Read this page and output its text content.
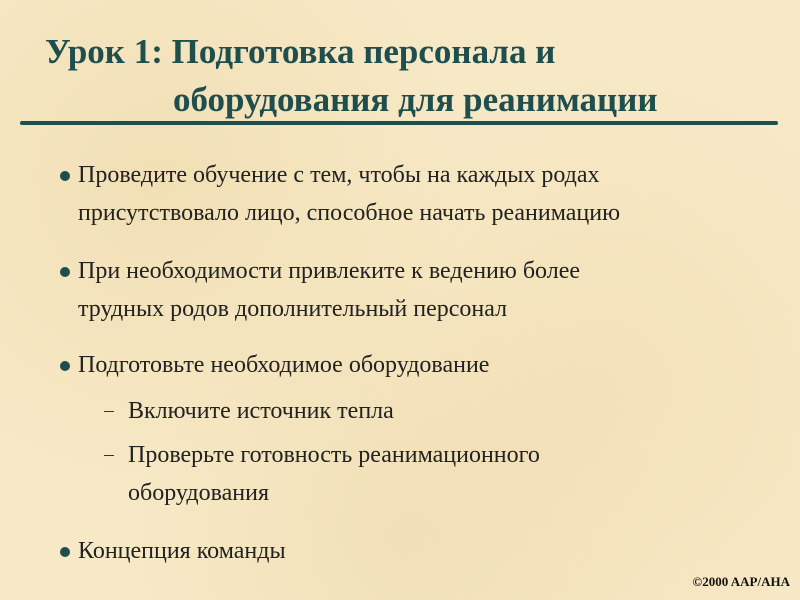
Урок 1: Подготовка персонала и
оборудования для реанимации
Проведите обучение с тем, чтобы на каждых родах
присутствовало лицо, способное начать реанимацию
При необходимости привлеките к ведению более
трудных родов дополнительный персонал
Подготовьте необходимое оборудование
Включите источник тепла
Проверьте готовность реанимационного
оборудования
Концепция команды
©2000 AAP/AHA
